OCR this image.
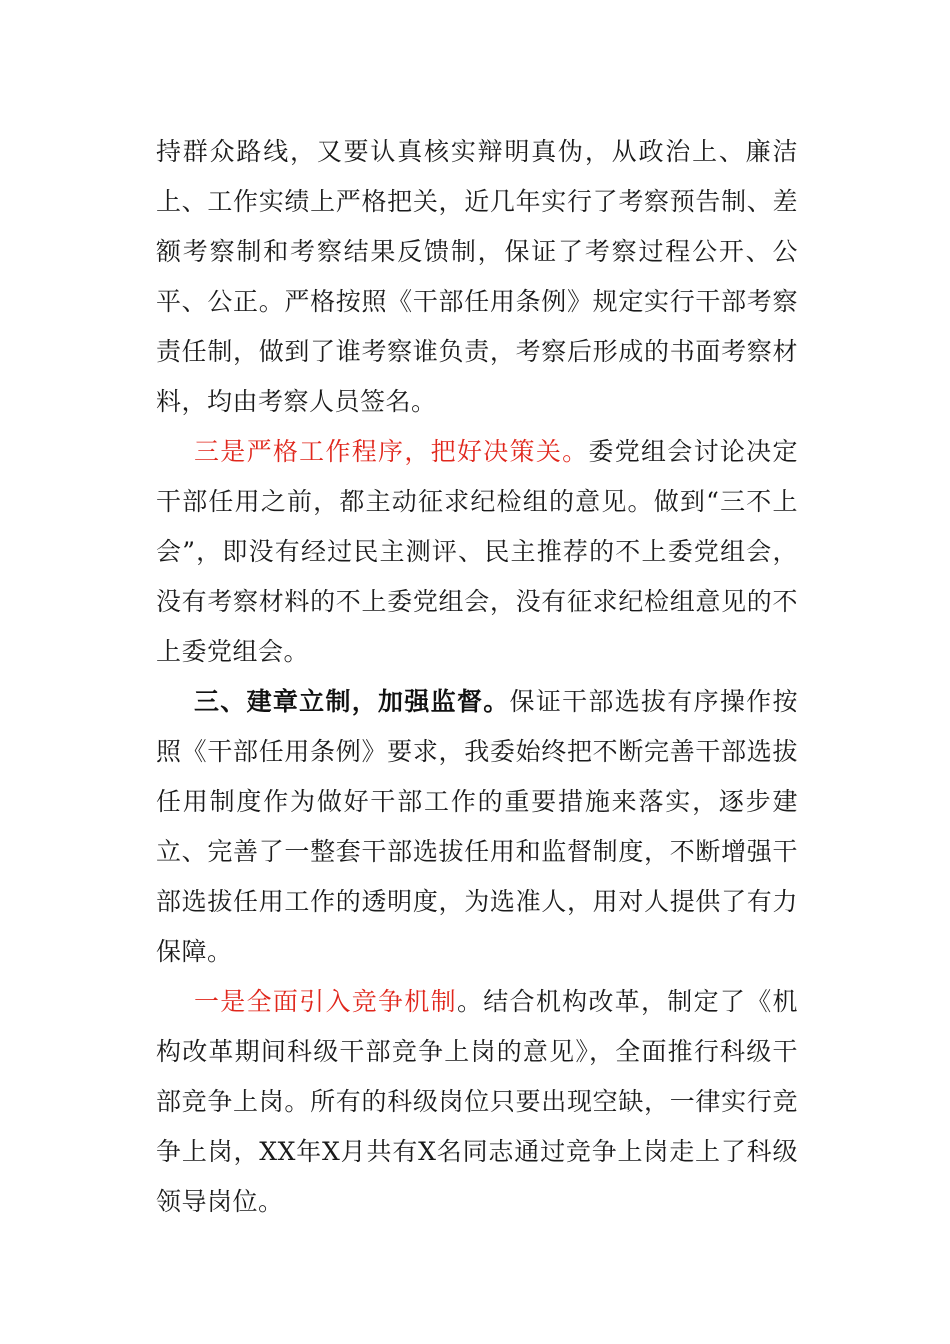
持群众路线，又要认真核实辩明真伪，从政治上、廉洁上、工作实绩上严格把关，近几年实行了考察预告制、差额考察制和考察结果反馈制，保证了考察过程公开、公平、公正。严格按照《干部任用条例》规定实行干部考察责任制，做到了谁考察谁负责，考察后形成的书面考察材料，均由考察人员签名。

三是严格工作程序，把好决策关。委党组会讨论决定干部任用之前，都主动征求纪检组的意见。做到“三不上会”，即没有经过民主测评、民主推荐的不上委党组会，没有考察材料的不上委党组会，没有征求纪检组意见的不上委党组会。

三、建章立制，加强监督。保证干部选拔有序操作按照《干部任用条例》要求，我委始终把不断完善干部选拔任用制度作为做好干部工作的重要措施来落实，逐步建立、完善了一整套干部选拔任用和监督制度，不断增强干部选拔任用工作的透明度，为选准人，用对人提供了有力保障。

一是全面引入竞争机制。结合机构改革，制定了《机构改革期间科级干部竞争上岗的意见》，全面推行科级干部竞争上岗。所有的科级岗位只要出现空缺，一律实行竞争上岗，XX年X月共有X名同志通过竞争上岗走上了科级领导岗位。
